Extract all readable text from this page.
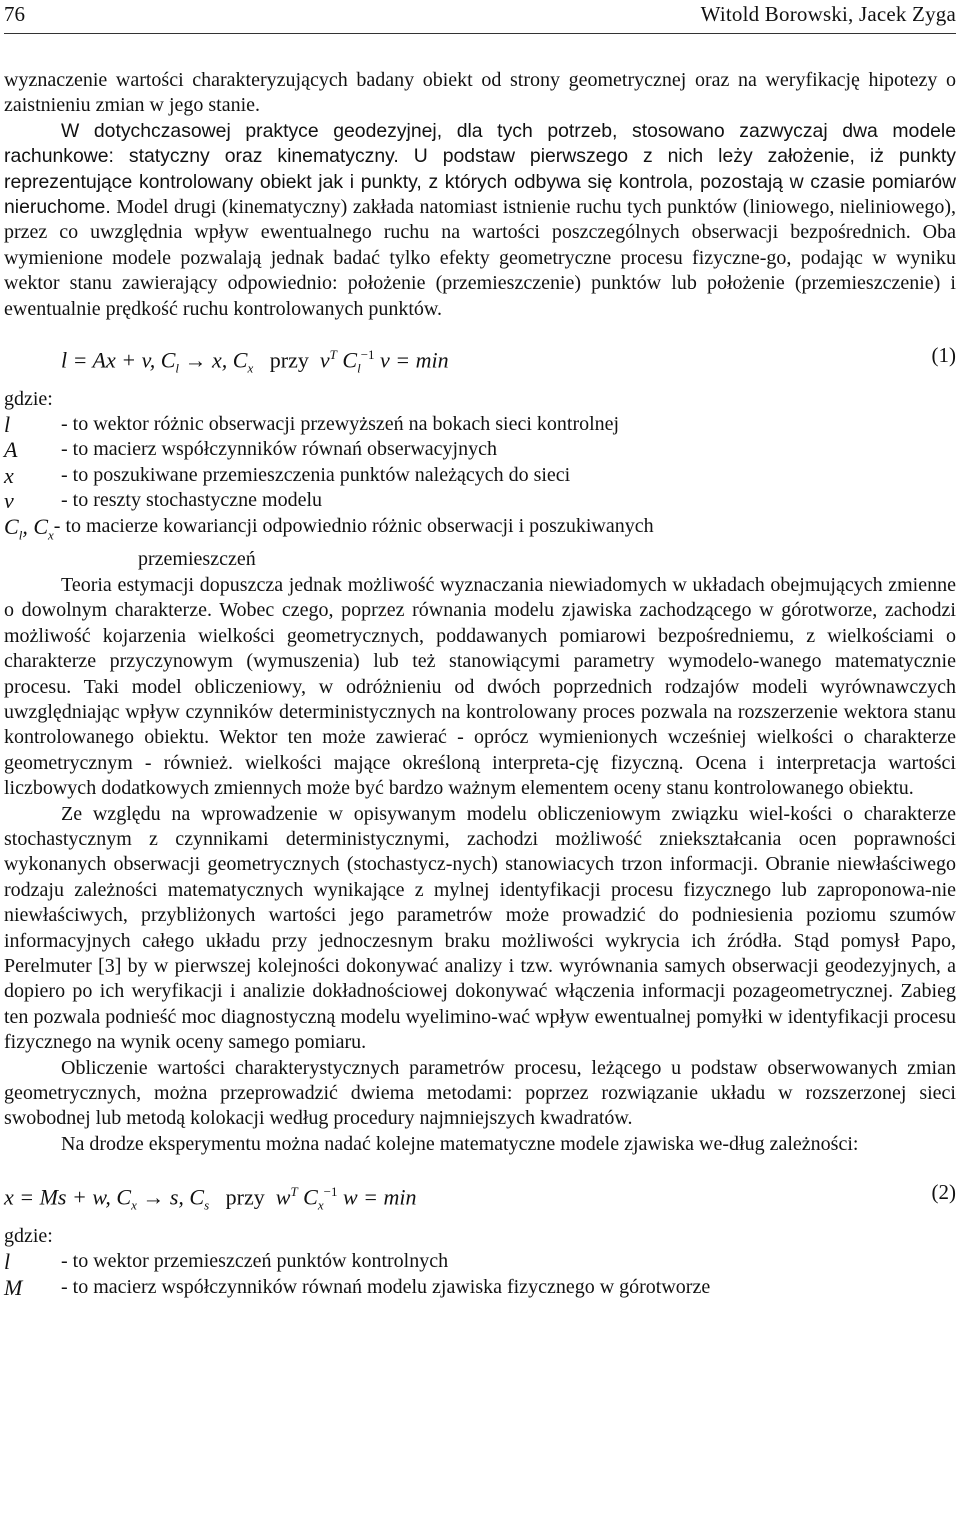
76	Witold Borowski, Jacek Zyga

wyznaczenie wartości charakteryzujących badany obiekt od strony geometrycznej oraz na weryfikację hipotezy o zaistnieniu zmian w jego stanie.

W dotychczasowej praktyce geodezyjnej, dla tych potrzeb, stosowano zazwyczaj dwa modele rachunkowe: statyczny oraz kinematyczny. U podstaw pierwszego z nich leży założenie, iż punkty reprezentujące kontrolowany obiekt jak i punkty, z których odbywa się kontrola, pozostają w czasie pomiarów nieruchome. Model drugi (kinematyczny) zakłada natomiast istnienie ruchu tych punktów (liniowego, nieliniowego), przez co uwzględnia wpływ ewentualnego ruchu na wartości poszczególnych obserwacji bezpośrednich. Oba wymienione modele pozwalają jednak badać tylko efekty geometryczne procesu fizyczne-go, podając w wyniku wektor stanu zawierający odpowiednio: położenie (przemieszczenie) punktów lub położenie (przemieszczenie) i ewentualnie prędkość ruchu kontrolowanych punktów.

l = Ax + v, $C_l \to x$, $C_x$ przy $v^T$ $C_l^{-1}$ v = min	(1)
gdzie:
l	- to wektor różnic obserwacji przewyższeń na bokach sieci kontrolnej
A	- to macierz współczynników równań obserwacyjnych
x	- to poszukiwane przemieszczenia punktów należących do sieci
v	- to reszty stochastyczne modelu
$C_l$, $C_x$ - to macierze kowariancji odpowiednio różnic obserwacji i poszukiwanych
przemieszczeń

Teoria estymacji dopuszcza jednak możliwość wyznaczania niewiadomych w układach obejmujących zmienne o dowolnym charakterze. Wobec czego, poprzez równania modelu zjawiska zachodzącego w górotworze, zachodzi możliwość kojarzenia wielkości geometrycznych, poddawanych pomiarowi bezpośredniemu, z wielkościami o charakterze przyczynowym (wymuszenia) lub też stanowiącymi parametry wymodelo-wanego matematycznie procesu. Taki model obliczeniowy, w odróżnieniu od dwóch poprzednich rodzajów modeli wyrównawczych uwzględniając wpływ czynników deterministycznych na kontrolowany proces pozwala na rozszerzenie wektora stanu kontrolowanego obiektu. Wektor ten może zawierać - oprócz wymienionych wcześniej wielkości o charakterze geometrycznym - również. wielkości mające określoną interpreta-cję fizyczną. Ocena i interpretacja wartości liczbowych dodatkowych zmiennych może być bardzo ważnym elementem oceny stanu kontrolowanego obiektu.

Ze względu na wprowadzenie w opisywanym modelu obliczeniowym związku wiel-kości o charakterze stochastycznym z czynnikami deterministycznymi, zachodzi możliwość zniekształcania ocen poprawności wykonanych obserwacji geometrycznych (stochastycz-nych) stanowiacych trzon informacji. Obranie niewłaściwego rodzaju zależności matematycznych wynikające z mylnej identyfikacji procesu fizycznego lub zaproponowa-nie niewłaściwych, przybliżonych wartości jego parametrów może prowadzić do podniesienia poziomu szumów informacyjnych całego układu przy jednoczesnym braku możliwości wykrycia ich źródła. Stąd pomysł Papo, Perelmuter [3] by w pierwszej kolejności dokonywać analizy i tzw. wyrównania samych obserwacji geodezyjnych, a dopiero po ich weryfikacji i analizie dokładnościowej dokonywać włączenia informacji pozageometrycznej. Zabieg ten pozwala podnieść moc diagnostyczną modelu wyelimino-wać wpływ ewentualnej pomyłki w identyfikacji procesu fizycznego na wynik oceny samego pomiaru.

Obliczenie wartości charakterystycznych parametrów procesu, leżącego u podstaw obserwowanych zmian geometrycznych, można przeprowadzić dwiema metodami: poprzez rozwiązanie układu w rozszerzonej sieci swobodnej lub metodą kolokacji według procedury najmniejszych kwadratów.

Na drodze eksperymentu można nadać kolejne matematyczne modele zjawiska we-dług zależności:

x = Ms + w, $C_x \to s$, $C_s$ przy $w^T$ $C_x^{-1}$ w = min	(2)
gdzie:
l	- to wektor przemieszczeń punktów kontrolnych
M	- to macierz współczynników równań modelu zjawiska fizycznego w górotworze
